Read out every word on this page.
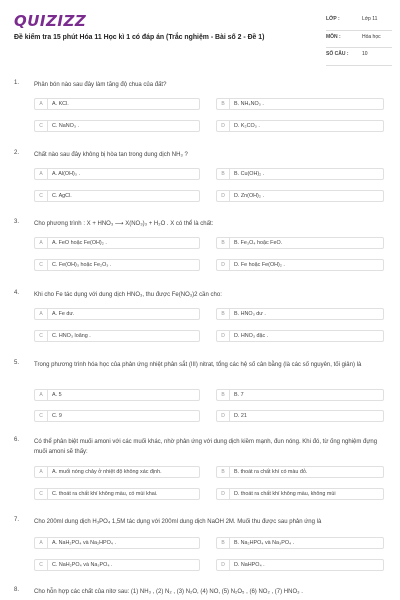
QUIZIZZ
Đề kiểm tra 15 phút Hóa 11 Học kì 1 có đáp án (Trắc nghiệm - Bài số 2 - Đề 1)
LỚP :	Lớp 11
MÔN :	Hóa học
SỐ CÂU :	10
1. Phân bón nào sau đây làm tăng độ chua của đất?
A	A. KCl.	B	B. NH₄NO₃ .
C	C. NaNO₃ .	D	D. K₂CO₃ .
2. Chất nào sau đây không bị hòa tan trong dung dịch NH₃ ?
A	A. Al(OH)₃ .	B	B. Cu(OH)₂ .
C	C. AgCl.	D	D. Zn(OH)₂ .
3. Cho phương trình : X + HNO₃ ⟶ X(NO₃)₃ + H₂O . X có thể là chất:
A	A. FeO hoặc Fe(OH)₂ .	B	B. Fe₃O₄ hoặc FeO.
C	C. Fe(OH)₃ hoặc Fe₂O₃ .	D	D. Fe hoặc Fe(OH)₂ .
4. Khi cho Fe tác dụng với dung dịch HNO₃, thu được Fe(NO₃)2 cần cho:
A	A. Fe dư.	B	B. HNO₃ dư .
C	C. HNO₃ loãng .	D	D. HNO₃ đặc .
5. Trong phương trình hóa học của phản ứng nhiệt phân sắt (III) nitrat, tổng các hệ số cân bằng (là các số nguyên, tối giản) là
A	A. 5	B	B. 7
C	C. 9	D	D. 21
6. Có thể phân biệt muối amoni với các muối khác, nhờ phản ứng với dung dịch kiềm mạnh, đun nóng. Khi đó, từ ống nghiệm đựng muối amoni sẽ thấy:
A	A. muối nóng chảy ở nhiệt độ không xác định.	B	B. thoát ra chất khí có màu đỏ.
C	C. thoát ra chất khí không màu, có mùi khai.	D	D. thoát ra chất khí không màu, không mùi
7. Cho 200ml dung dịch H₃PO₄ 1,5M tác dụng với 200ml dung dịch NaOH 2M. Muối thu được sau phản ứng là
A	A. NaH₂PO₄ và Na₂HPO₄ .	B	B. Na₂HPO₄ và Na₃PO₄ .
C	C. NaH₂PO₄ và Na₃PO₄ .	D	D. NaHPO₄ .
8. Cho hỗn hợp các chất của nitơ sau: (1) NH₃ , (2) N₂ , (3) N₂O, (4) NO, (5) N₂O₅ , (6) NO₂ , (7) HNO₃ .
